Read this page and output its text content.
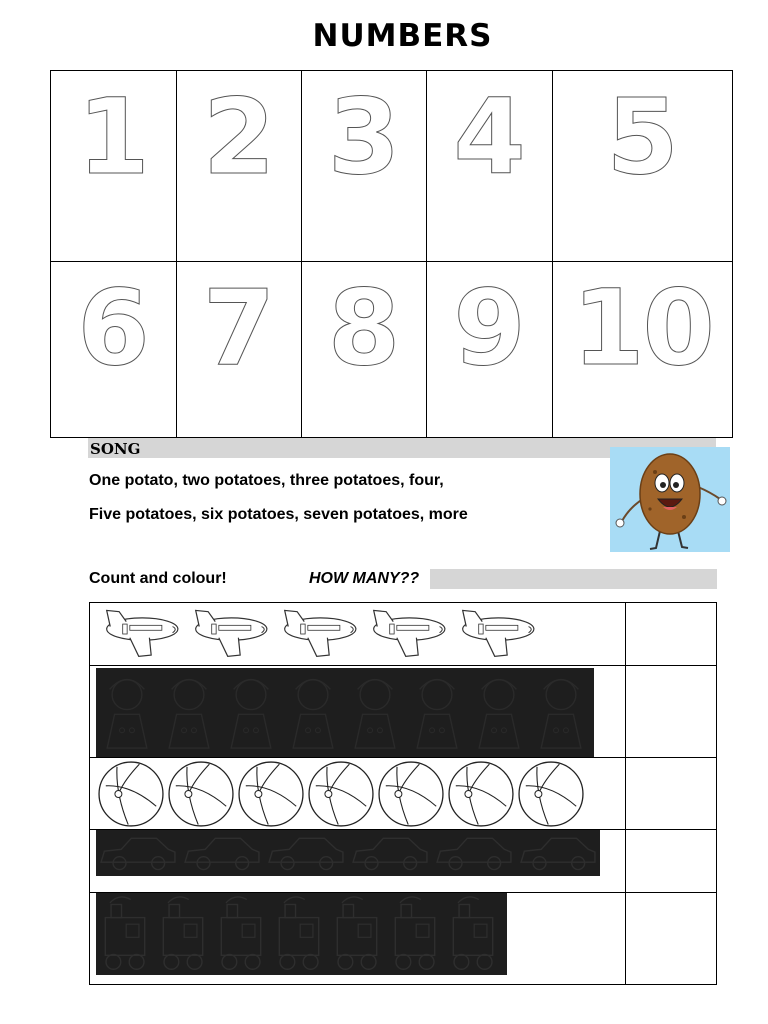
NUMBERS
1 2 3 4 5
6 7 8 9 10
SONG
One potato, two potatoes, three potatoes, four,
Five potatoes, six potatoes, seven potatoes, more
Count and colour!	HOW MANY??
